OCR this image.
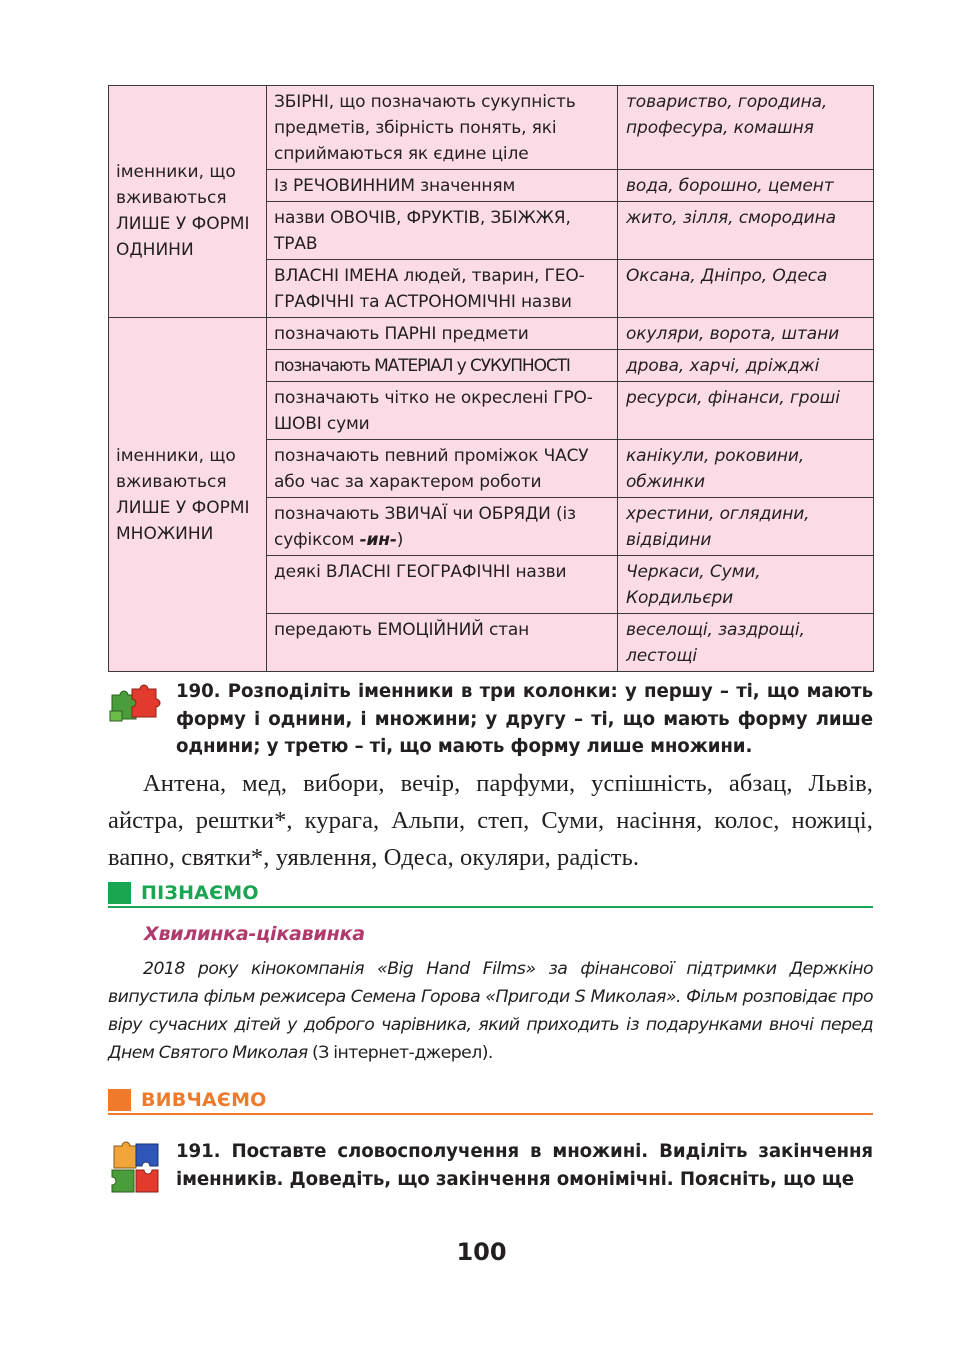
іменники, що вживаються ЛИШЕ У ФОРМІ ОДНИНИ	ЗБІРНІ, що позначають сукупність предметів, збірність понять, які сприймаються як єдине ціле	товариство, городина, професура, комашня
	Із РЕЧОВИННИМ значенням	вода, борошно, цемент
	назви ОВОЧІВ, ФРУКТІВ, ЗБІЖЖЯ, ТРАВ	жито, зілля, смородина
	ВЛАСНІ ІМЕНА людей, тварин, ГЕО-ГРАФІЧНІ та АСТРОНОМІЧНІ назви	Оксана, Дніпро, Одеса
іменники, що вживаються ЛИШЕ У ФОРМІ МНОЖИНИ	позначають ПАРНІ предмети	окуляри, ворота, штани
	позначають МАТЕРІАЛ у СУКУПНОСТІ	дрова, харчі, дріжджі
	позначають чітко не окреслені ГРО-ШОВІ суми	ресурси, фінанси, гроші
	позначають певний проміжок ЧАСУ або час за характером роботи	канікули, роковини, обжинки
	позначають ЗВИЧАЇ чи ОБРЯДИ (із суфіксом -ин-)	хрестини, оглядини, відвідини
	деякі ВЛАСНІ ГЕОГРАФІЧНІ назви	Черкаси, Суми, Кордильєри
	передають ЕМОЦІЙНИЙ стан	веселощі, заздрощі, лестощі
190. Розподіліть іменники в три колонки: у першу – ті, що мають форму і однини, і множини; у другу – ті, що мають форму лише однини; у третю – ті, що мають форму лише множини.
Антена, мед, вибори, вечір, парфуми, успішність, абзац, Львів, айстра, рештки*, курага, Альпи, степ, Суми, насіння, колос, ножиці, вапно, святки*, уявлення, Одеса, окуляри, радість.
ПІЗНАЄМО
Хвилинка-цікавинка
2018 року кінокомпанія «Big Hand Films» за фінансової підтримки Держкіно випустила фільм режисера Семена Горова «Пригоди S Миколая». Фільм розповідає про віру сучасних дітей у доброго чарівника, який приходить із подарунками вночі перед Днем Святого Миколая (З інтернет-джерел).
ВИВЧАЄМО
191. Поставте словосполучення в множині. Виділіть закінчення іменників. Доведіть, що закінчення омонімічні. Поясніть, що ще
100
